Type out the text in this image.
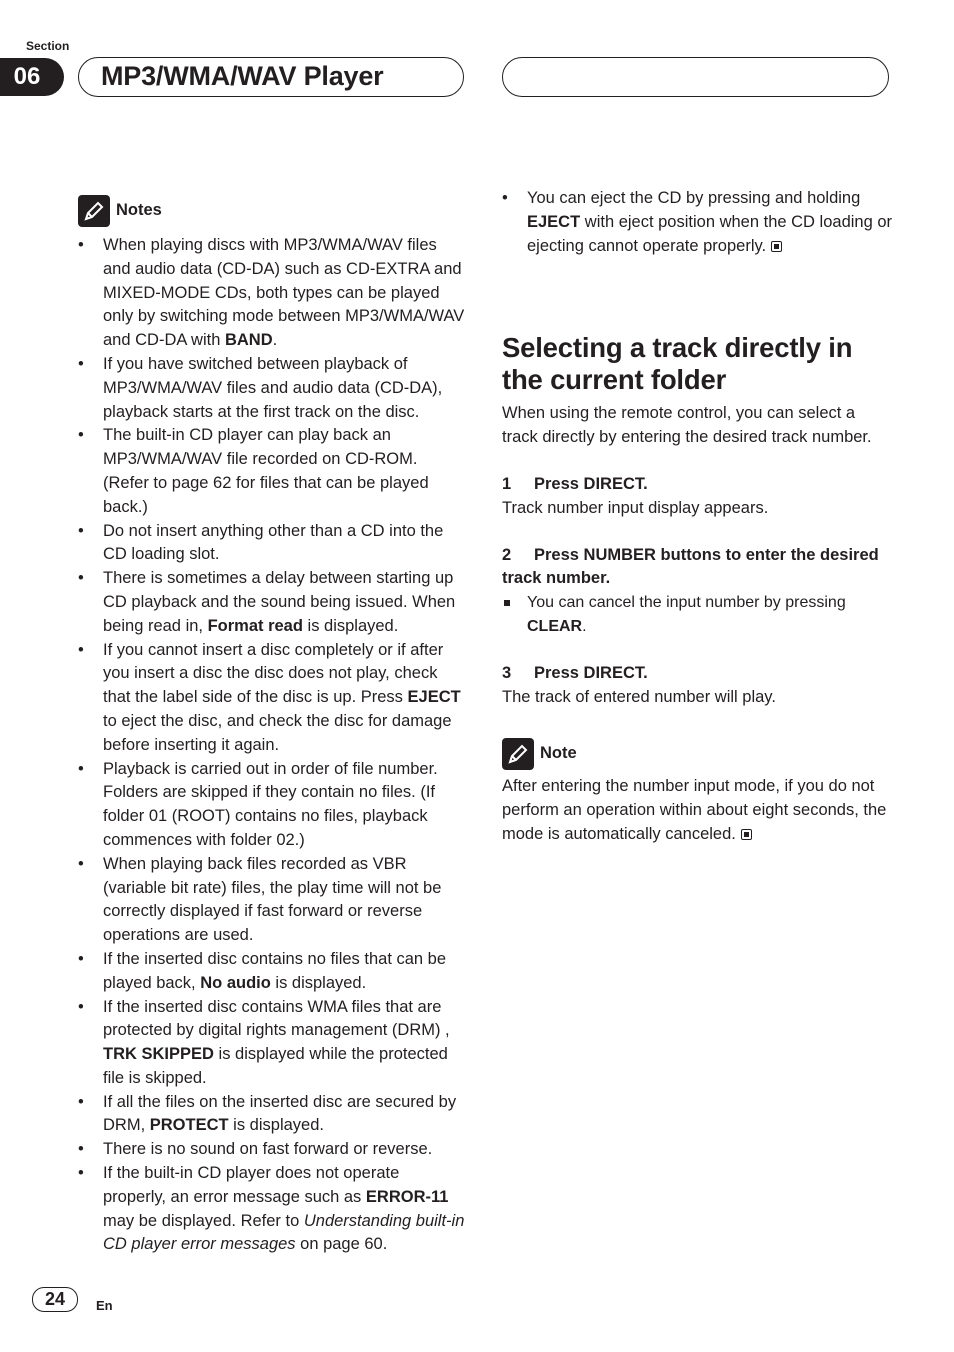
Section
06	MP3/WMA/WAV Player
Notes
• When playing discs with MP3/WMA/WAV files and audio data (CD-DA) such as CD-EXTRA and MIXED-MODE CDs, both types can be played only by switching mode between MP3/WMA/WAV and CD-DA with BAND.
• If you have switched between playback of MP3/WMA/WAV files and audio data (CD-DA), playback starts at the first track on the disc.
• The built-in CD player can play back an MP3/WMA/WAV file recorded on CD-ROM. (Refer to page 62 for files that can be played back.)
• Do not insert anything other than a CD into the CD loading slot.
• There is sometimes a delay between starting up CD playback and the sound being issued. When being read in, Format read is displayed.
• If you cannot insert a disc completely or if after you insert a disc the disc does not play, check that the label side of the disc is up. Press EJECT to eject the disc, and check the disc for damage before inserting it again.
• Playback is carried out in order of file number. Folders are skipped if they contain no files. (If folder 01 (ROOT) contains no files, playback commences with folder 02.)
• When playing back files recorded as VBR (variable bit rate) files, the play time will not be correctly displayed if fast forward or reverse operations are used.
• If the inserted disc contains no files that can be played back, No audio is displayed.
• If the inserted disc contains WMA files that are protected by digital rights management (DRM) , TRK SKIPPED is displayed while the protected file is skipped.
• If all the files on the inserted disc are secured by DRM, PROTECT is displayed.
• There is no sound on fast forward or reverse.
• If the built-in CD player does not operate properly, an error message such as ERROR-11 may be displayed. Refer to Understanding built-in CD player error messages on page 60.
• You can eject the CD by pressing and holding EJECT with eject position when the CD loading or ejecting cannot operate properly.
Selecting a track directly in the current folder

When using the remote control, you can select a track directly by entering the desired track number.

1 Press DIRECT.

Track number input display appears.

2 Press NUMBER buttons to enter the desired track number.

You can cancel the input number by pressing CLEAR.

3 Press DIRECT.

The track of entered number will play.

Note

After entering the number input mode, if you do not perform an operation within about eight seconds, the mode is automatically canceled.

24	En
